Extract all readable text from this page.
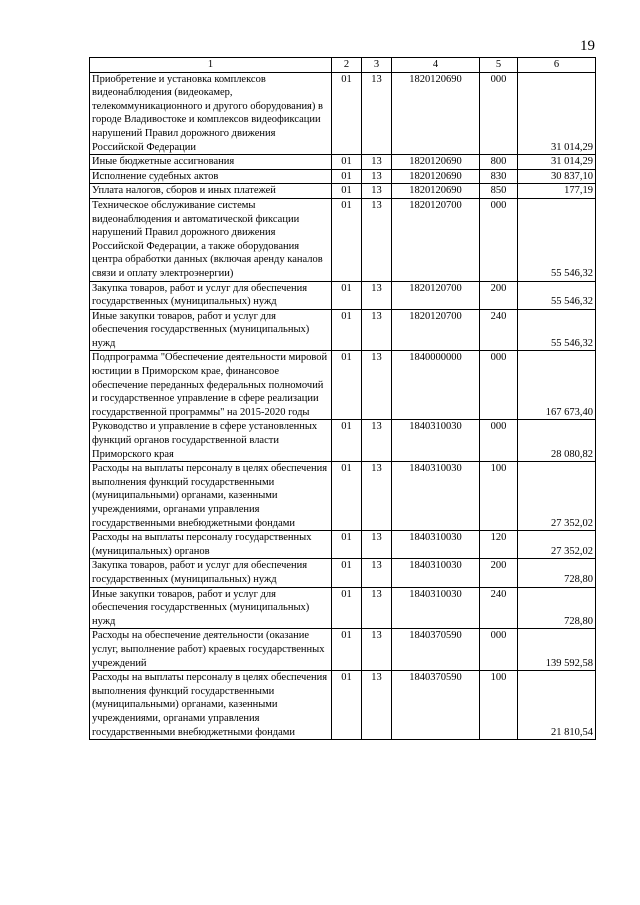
19
1	2	3	4	5	6
Приобретение и установка комплексов видеонаблюдения (видеокамер, телекоммуникационного и другого оборудования) в городе Владивостоке и комплексов видеофиксации нарушений Правил дорожного движения Российской Федерации	01	13	1820120690	000	31 014,29
Иные бюджетные ассигнования	01	13	1820120690	800	31 014,29
Исполнение судебных актов	01	13	1820120690	830	30 837,10
Уплата налогов, сборов и иных платежей	01	13	1820120690	850	177,19
Техническое обслуживание системы видеонаблюдения и автоматической фиксации нарушений Правил дорожного движения Российской Федерации, а также оборудования центра обработки данных (включая аренду каналов связи и оплату электроэнергии)	01	13	1820120700	000	55 546,32
Закупка товаров, работ и услуг для обеспечения государственных (муниципальных) нужд	01	13	1820120700	200	55 546,32
Иные закупки товаров, работ и услуг для обеспечения государственных (муниципальных) нужд	01	13	1820120700	240	55 546,32
Подпрограмма "Обеспечение деятельности мировой юстиции в Приморском крае, финансовое обеспечение переданных федеральных полномочий и государственное управление в сфере реализации государственной программы" на 2015-2020 годы	01	13	1840000000	000	167 673,40
Руководство и управление в сфере установленных функций органов государственной власти Приморского края	01	13	1840310030	000	28 080,82
Расходы на выплаты персоналу в целях обеспечения выполнения функций государственными (муниципальными) органами, казенными учреждениями, органами управления государственными внебюджетными фондами	01	13	1840310030	100	27 352,02
Расходы на выплаты персоналу государственных (муниципальных) органов	01	13	1840310030	120	27 352,02
Закупка товаров, работ и услуг для обеспечения государственных (муниципальных) нужд	01	13	1840310030	200	728,80
Иные закупки товаров, работ и услуг для обеспечения государственных (муниципальных) нужд	01	13	1840310030	240	728,80
Расходы на обеспечение деятельности (оказание услуг, выполнение работ) краевых государственных учреждений	01	13	1840370590	000	139 592,58
Расходы на выплаты персоналу в целях обеспечения выполнения функций государственными (муниципальными) органами, казенными учреждениями, органами управления государственными внебюджетными фондами	01	13	1840370590	100	21 810,54
